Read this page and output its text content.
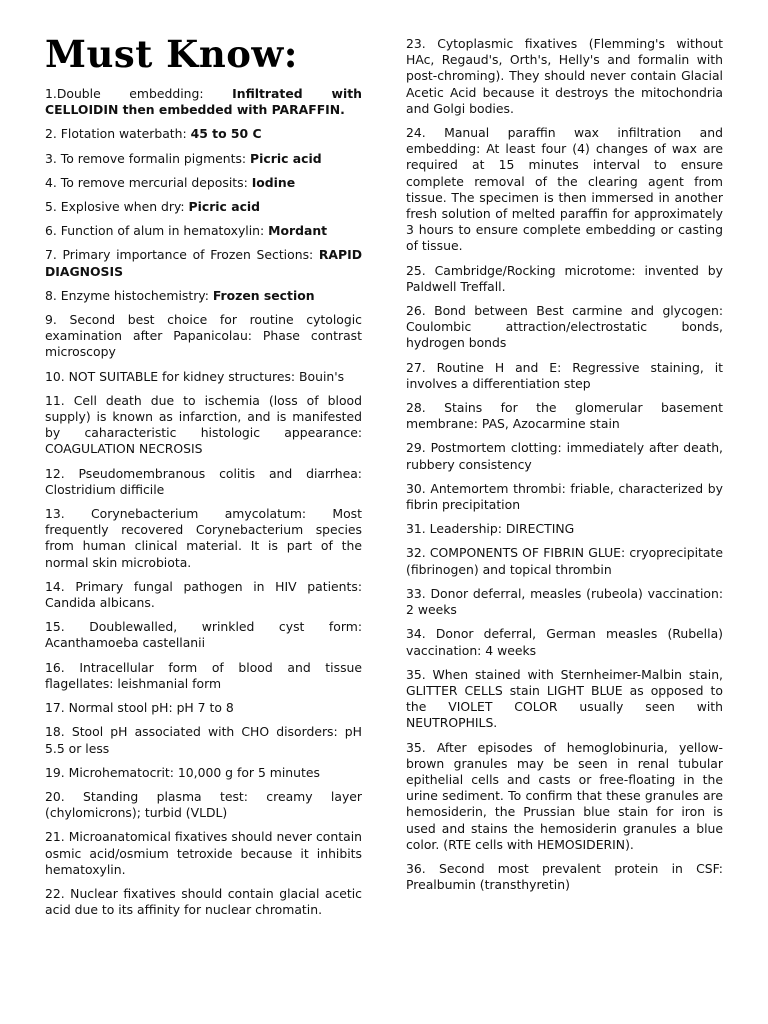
Must Know:

1.Double embedding: Infiltrated with CELLOIDIN then embedded with PARAFFIN.

2. Flotation waterbath: 45 to 50 C

3. To remove formalin pigments: Picric acid

4. To remove mercurial deposits: Iodine

5. Explosive when dry: Picric acid

6. Function of alum in hematoxylin: Mordant

7. Primary importance of Frozen Sections: RAPID DIAGNOSIS

8. Enzyme histochemistry: Frozen section

9. Second best choice for routine cytologic examination after Papanicolau: Phase contrast microscopy

10. NOT SUITABLE for kidney structures: Bouin's

11. Cell death due to ischemia (loss of blood supply) is known as infarction, and is manifested by caharacteristic histologic appearance: COAGULATION NECROSIS

12. Pseudomembranous colitis and diarrhea: Clostridium difficile

13. Corynebacterium amycolatum: Most frequently recovered Corynebacterium species from human clinical material. It is part of the normal skin microbiota.

14. Primary fungal pathogen in HIV patients: Candida albicans.

15. Doublewalled, wrinkled cyst form: Acanthamoeba castellanii

16. Intracellular form of blood and tissue flagellates: leishmanial form

17. Normal stool pH: pH 7 to 8

18. Stool pH associated with CHO disorders: pH 5.5 or less

19. Microhematocrit: 10,000 g for 5 minutes

20. Standing plasma test: creamy layer (chylomicrons); turbid (VLDL)

21. Microanatomical fixatives should never contain osmic acid/osmium tetroxide because it inhibits hematoxylin.

22. Nuclear fixatives should contain glacial acetic acid due to its affinity for nuclear chromatin.

23. Cytoplasmic fixatives (Flemming's without HAc, Regaud's, Orth's, Helly's and formalin with post-chroming). They should never contain Glacial Acetic Acid because it destroys the mitochondria and Golgi bodies.

24. Manual paraffin wax infiltration and embedding: At least four (4) changes of wax are required at 15 minutes interval to ensure complete removal of the clearing agent from tissue. The specimen is then immersed in another fresh solution of melted paraffin for approximately 3 hours to ensure complete embedding or casting of tissue.

25. Cambridge/Rocking microtome: invented by Paldwell Treffall.

26. Bond between Best carmine and glycogen: Coulombic attraction/electrostatic bonds, hydrogen bonds

27. Routine H and E: Regressive staining, it involves a differentiation step

28. Stains for the glomerular basement membrane: PAS, Azocarmine stain

29. Postmortem clotting: immediately after death, rubbery consistency

30. Antemortem thrombi: friable, characterized by fibrin precipitation

31. Leadership: DIRECTING

32. COMPONENTS OF FIBRIN GLUE: cryoprecipitate (fibrinogen) and topical thrombin

33. Donor deferral, measles (rubeola) vaccination: 2 weeks

34. Donor deferral, German measles (Rubella) vaccination: 4 weeks

35. When stained with Sternheimer-Malbin stain, GLITTER CELLS stain LIGHT BLUE as opposed to the VIOLET COLOR usually seen with NEUTROPHILS.

35. After episodes of hemoglobinuria, yellow-brown granules may be seen in renal tubular epithelial cells and casts or free-floating in the urine sediment. To confirm that these granules are hemosiderin, the Prussian blue stain for iron is used and stains the hemosiderin granules a blue color. (RTE cells with HEMOSIDERIN).

36. Second most prevalent protein in CSF: Prealbumin (transthyretin)
